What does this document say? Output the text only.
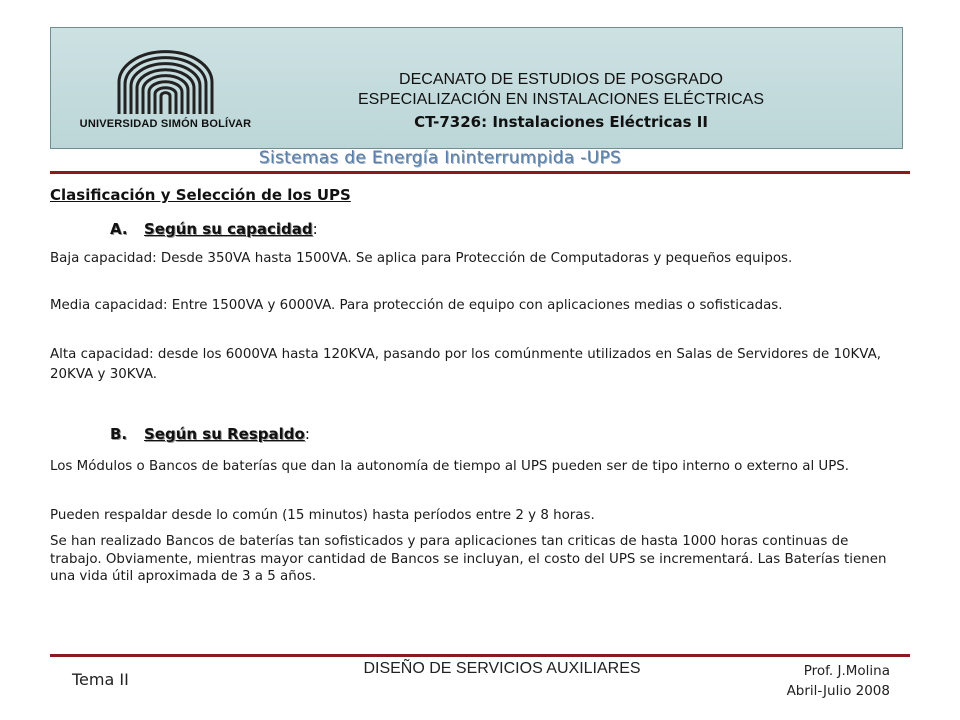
UNIVERSIDAD SIMÓN BOLÍVAR
DECANATO DE ESTUDIOS DE POSGRADO
ESPECIALIZACIÓN EN INSTALACIONES ELÉCTRICAS
CT-7326: Instalaciones Eléctricas II
Sistemas de Energía Ininterrumpida -UPS
Clasificación y Selección de los UPS
A. Según su capacidad:
Baja capacidad: Desde 350VA hasta 1500VA. Se aplica para Protección de Computadoras y pequeños equipos.
Media capacidad: Entre 1500VA y 6000VA. Para protección de equipo con aplicaciones medias o sofisticadas.
Alta capacidad: desde los 6000VA hasta 120KVA, pasando por los comúnmente utilizados en Salas de Servidores de 10KVA, 20KVA y 30KVA.
B. Según su Respaldo:
Los Módulos o Bancos de baterías que dan la autonomía de tiempo al UPS pueden ser de tipo interno o externo al UPS.
Pueden respaldar desde lo común (15 minutos) hasta períodos entre 2 y 8 horas.
Se han realizado Bancos de baterías tan sofisticados y para aplicaciones tan criticas de hasta 1000 horas continuas de trabajo. Obviamente, mientras mayor cantidad de Bancos se incluyan, el costo del UPS se incrementará. Las Baterías tienen una vida útil aproximada de 3 a 5 años.
Tema II
DISEÑO DE SERVICIOS AUXILIARES	Prof. J.Molina
Abril-Julio 2008
